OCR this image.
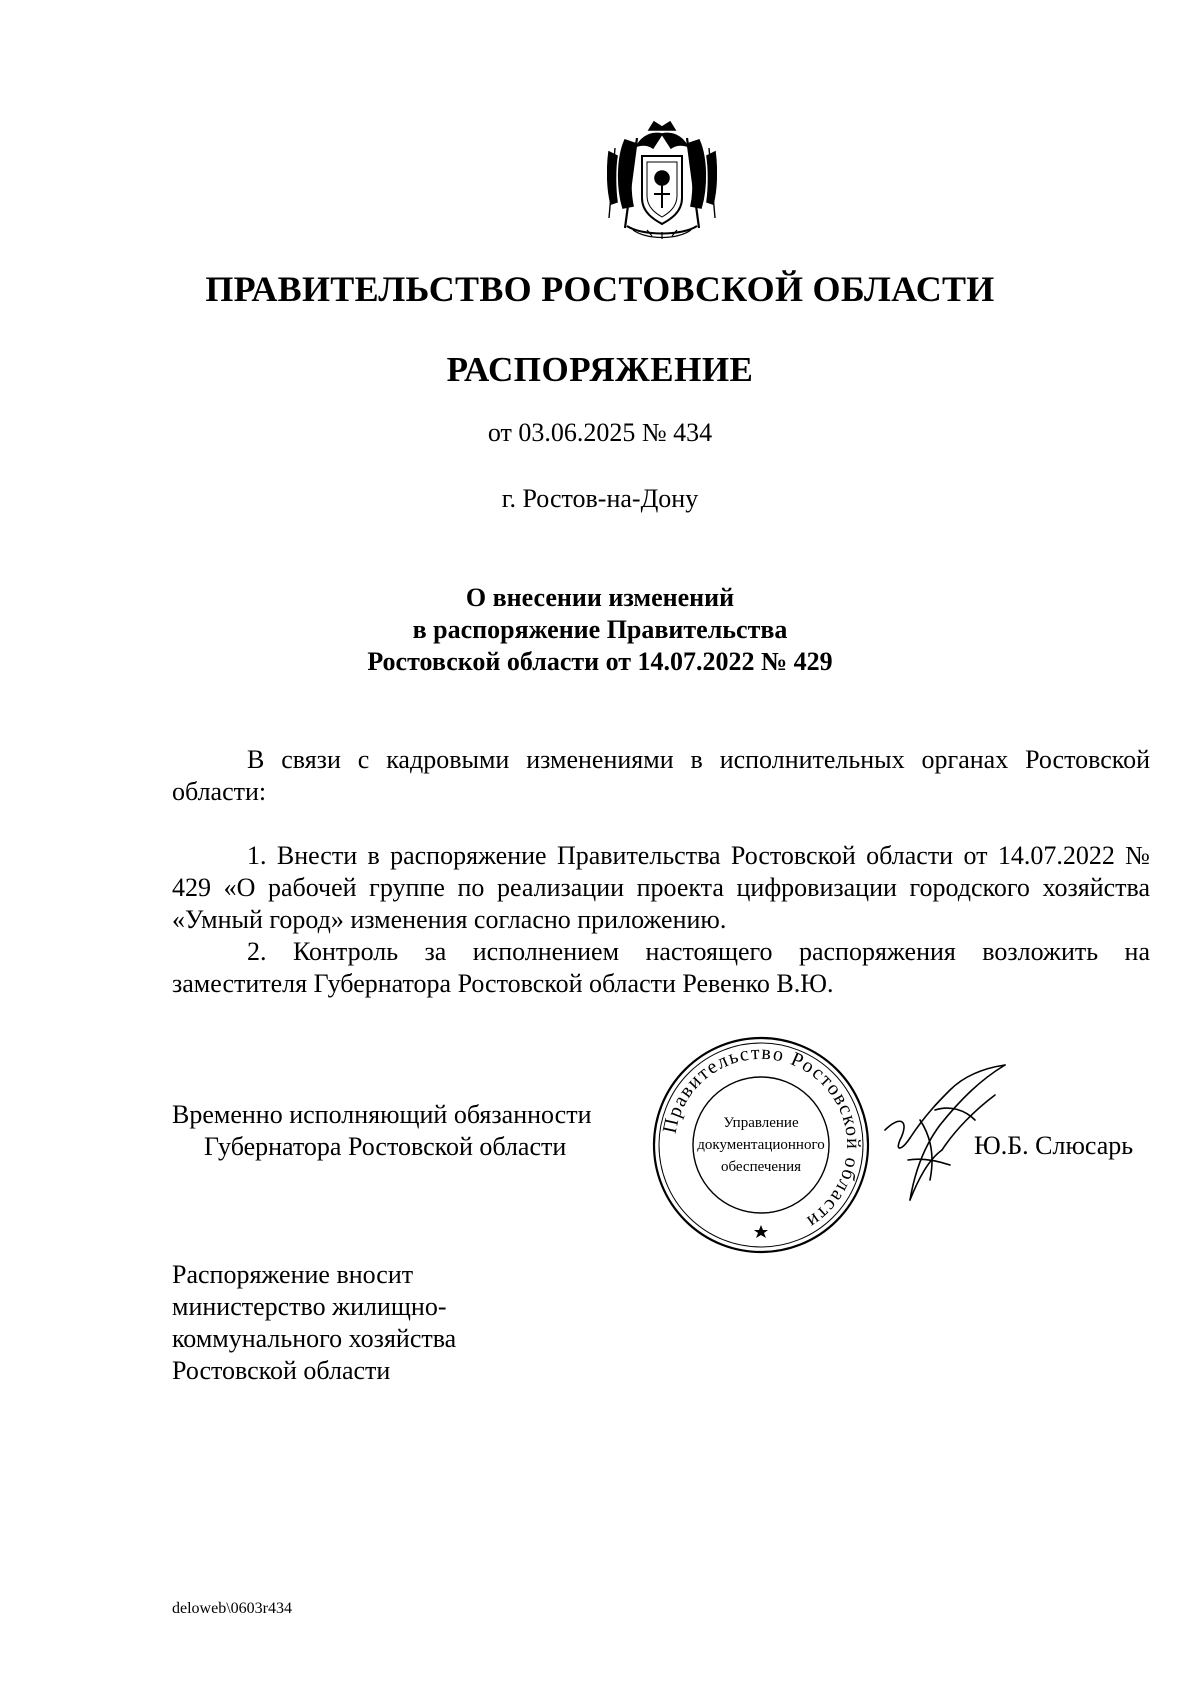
ПРАВИТЕЛЬСТВО РОСТОВСКОЙ ОБЛАСТИ
РАСПОРЯЖЕНИЕ
от 03.06.2025 № 434
г. Ростов-на-Дону
О внесении изменений
в распоряжение Правительства
Ростовской области от 14.07.2022 № 429

В связи с кадровыми изменениями в исполнительных органах Ростовской области:

1. Внести в распоряжение Правительства Ростовской области от 14.07.2022 № 429 «О рабочей группе по реализации проекта цифровизации городского хозяйства «Умный город» изменения согласно приложению.

2. Контроль за исполнением настоящего распоряжения возложить на заместителя Губернатора Ростовской области Ревенко В.Ю.

Временно исполняющий обязанности
Губернатора Ростовской области
Правительство Ростовской области
Управление
документационного
обеспечения
Ю.Б. Слюсарь
Распоряжение вносит
министерство жилищно-
коммунального хозяйства
Ростовской области
deloweb\0603r434
